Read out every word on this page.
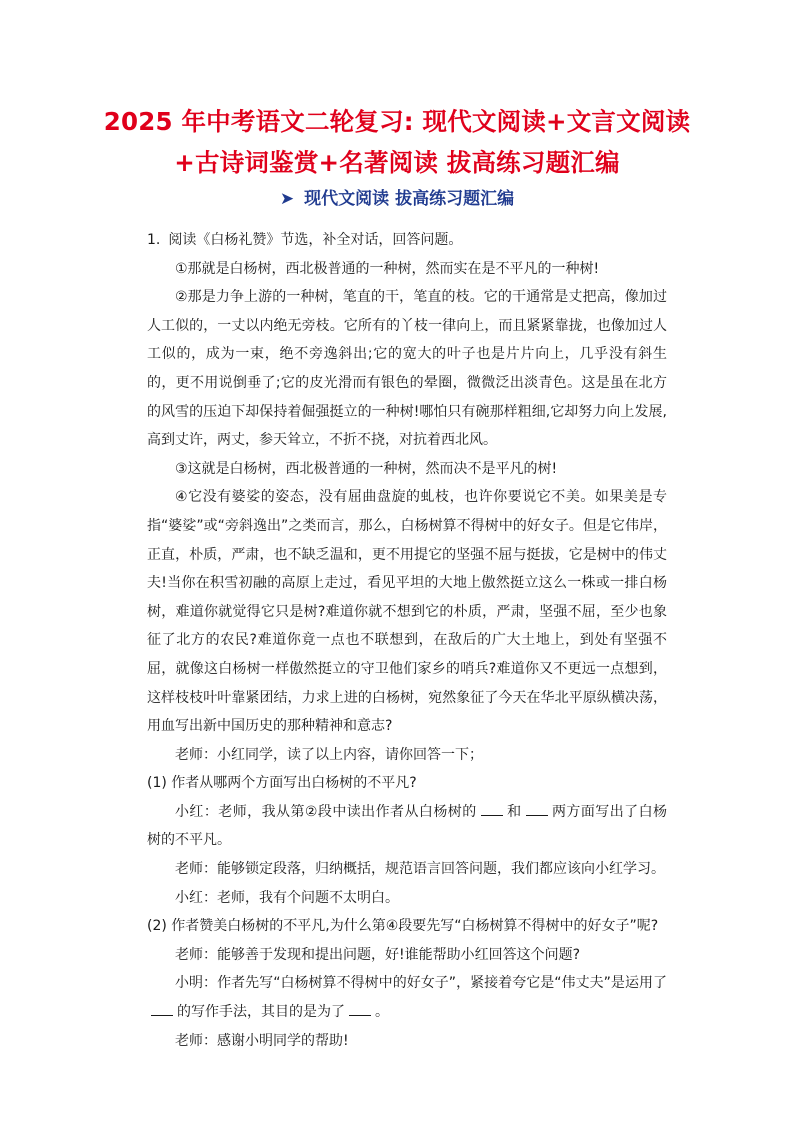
2025 年中考语文二轮复习: 现代文阅读+文言文阅读
+古诗词鉴赏+名著阅读 拔高练习题汇编
➤ 现代文阅读 拔高练习题汇编

1. 阅读《白杨礼赞》节选，补全对话，回答问题。

①那就是白杨树，西北极普通的一种树，然而实在是不平凡的一种树!

②那是力争上游的一种树，笔直的干，笔直的枝。它的干通常是丈把高，像加过人工似的，一丈以内绝无旁枝。它所有的丫枝一律向上，而且紧紧靠拢，也像加过人工似的，成为一束，绝不旁逸斜出;它的宽大的叶子也是片片向上，几乎没有斜生的，更不用说倒垂了;它的皮光滑而有银色的晕圈，微微泛出淡青色。这是虽在北方的风雪的压迫下却保持着倔强挺立的一种树!哪怕只有碗那样粗细,它却努力向上发展,高到丈许，两丈，参天耸立，不折不挠，对抗着西北风。

③这就是白杨树，西北极普通的一种树，然而决不是平凡的树!

④它没有婆娑的姿态，没有屈曲盘旋的虬枝，也许你要说它不美。如果美是专指“婆娑”或“旁斜逸出”之类而言，那么，白杨树算不得树中的好女子。但是它伟岸，正直，朴质，严肃，也不缺乏温和，更不用提它的坚强不屈与挺拔，它是树中的伟丈夫!当你在积雪初融的高原上走过，看见平坦的大地上傲然挺立这么一株或一排白杨树，难道你就觉得它只是树?难道你就不想到它的朴质，严肃，坚强不屈，至少也象征了北方的农民?难道你竟一点也不联想到，在敌后的广大土地上，到处有坚强不屈，就像这白杨树一样傲然挺立的守卫他们家乡的哨兵?难道你又不更远一点想到，这样枝枝叶叶靠紧团结，力求上进的白杨树，宛然象征了今天在华北平原纵横决荡，用血写出新中国历史的那种精神和意志?

老师：小红同学，读了以上内容，请你回答一下；

(1) 作者从哪两个方面写出白杨树的不平凡?

小红：老师，我从第②段中读出作者从白杨树的 和 两方面写出了白杨树的不平凡。

老师：能够锁定段落，归纳概括，规范语言回答问题，我们都应该向小红学习。

小红：老师，我有个问题不太明白。

(2) 作者赞美白杨树的不平凡,为什么第④段要先写“白杨树算不得树中的好女子”呢?

老师：能够善于发现和提出问题，好!谁能帮助小红回答这个问题?

小明：作者先写“白杨树算不得树中的好女子”，紧接着夸它是“伟丈夫”是运用了的写作手法，其目的是为了 。

老师：感谢小明同学的帮助!
